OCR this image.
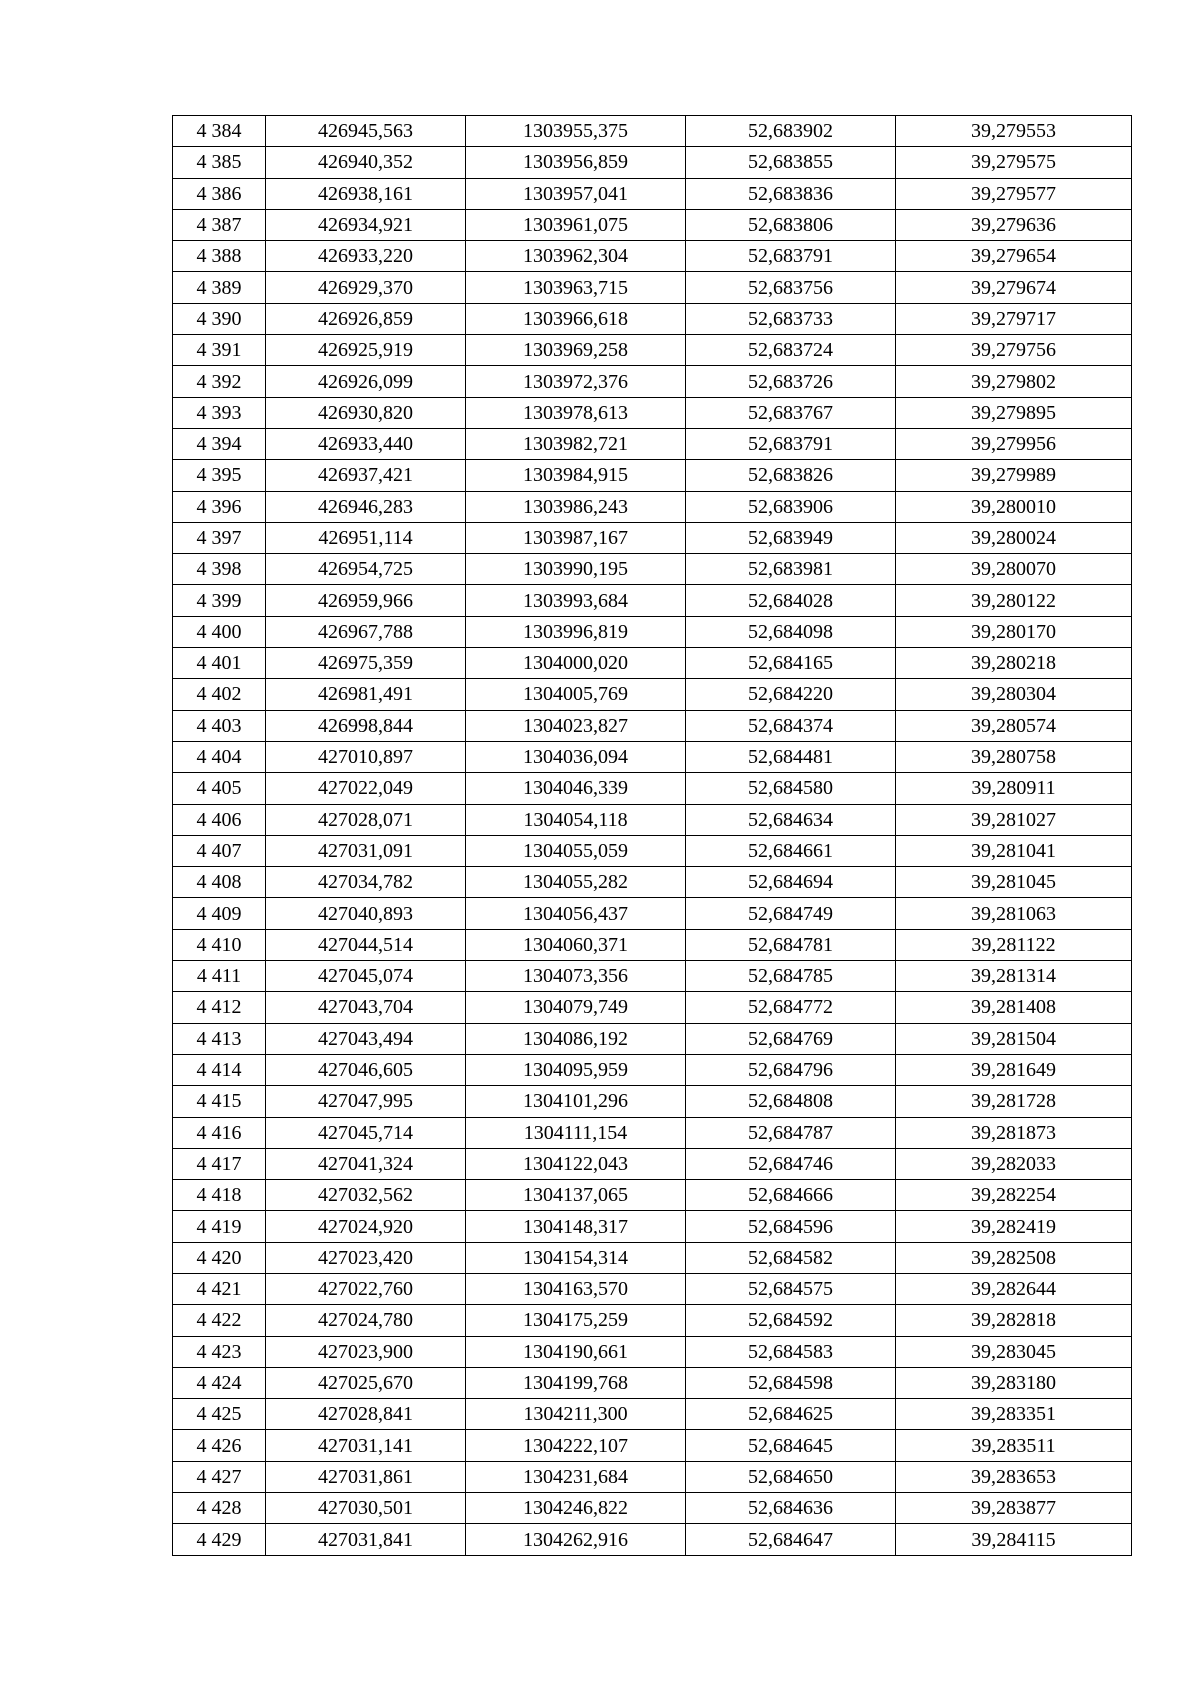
4 384	426945,563	1303955,375	52,683902	39,279553
4 385	426940,352	1303956,859	52,683855	39,279575
4 386	426938,161	1303957,041	52,683836	39,279577
4 387	426934,921	1303961,075	52,683806	39,279636
4 388	426933,220	1303962,304	52,683791	39,279654
4 389	426929,370	1303963,715	52,683756	39,279674
4 390	426926,859	1303966,618	52,683733	39,279717
4 391	426925,919	1303969,258	52,683724	39,279756
4 392	426926,099	1303972,376	52,683726	39,279802
4 393	426930,820	1303978,613	52,683767	39,279895
4 394	426933,440	1303982,721	52,683791	39,279956
4 395	426937,421	1303984,915	52,683826	39,279989
4 396	426946,283	1303986,243	52,683906	39,280010
4 397	426951,114	1303987,167	52,683949	39,280024
4 398	426954,725	1303990,195	52,683981	39,280070
4 399	426959,966	1303993,684	52,684028	39,280122
4 400	426967,788	1303996,819	52,684098	39,280170
4 401	426975,359	1304000,020	52,684165	39,280218
4 402	426981,491	1304005,769	52,684220	39,280304
4 403	426998,844	1304023,827	52,684374	39,280574
4 404	427010,897	1304036,094	52,684481	39,280758
4 405	427022,049	1304046,339	52,684580	39,280911
4 406	427028,071	1304054,118	52,684634	39,281027
4 407	427031,091	1304055,059	52,684661	39,281041
4 408	427034,782	1304055,282	52,684694	39,281045
4 409	427040,893	1304056,437	52,684749	39,281063
4 410	427044,514	1304060,371	52,684781	39,281122
4 411	427045,074	1304073,356	52,684785	39,281314
4 412	427043,704	1304079,749	52,684772	39,281408
4 413	427043,494	1304086,192	52,684769	39,281504
4 414	427046,605	1304095,959	52,684796	39,281649
4 415	427047,995	1304101,296	52,684808	39,281728
4 416	427045,714	1304111,154	52,684787	39,281873
4 417	427041,324	1304122,043	52,684746	39,282033
4 418	427032,562	1304137,065	52,684666	39,282254
4 419	427024,920	1304148,317	52,684596	39,282419
4 420	427023,420	1304154,314	52,684582	39,282508
4 421	427022,760	1304163,570	52,684575	39,282644
4 422	427024,780	1304175,259	52,684592	39,282818
4 423	427023,900	1304190,661	52,684583	39,283045
4 424	427025,670	1304199,768	52,684598	39,283180
4 425	427028,841	1304211,300	52,684625	39,283351
4 426	427031,141	1304222,107	52,684645	39,283511
4 427	427031,861	1304231,684	52,684650	39,283653
4 428	427030,501	1304246,822	52,684636	39,283877
4 429	427031,841	1304262,916	52,684647	39,284115
